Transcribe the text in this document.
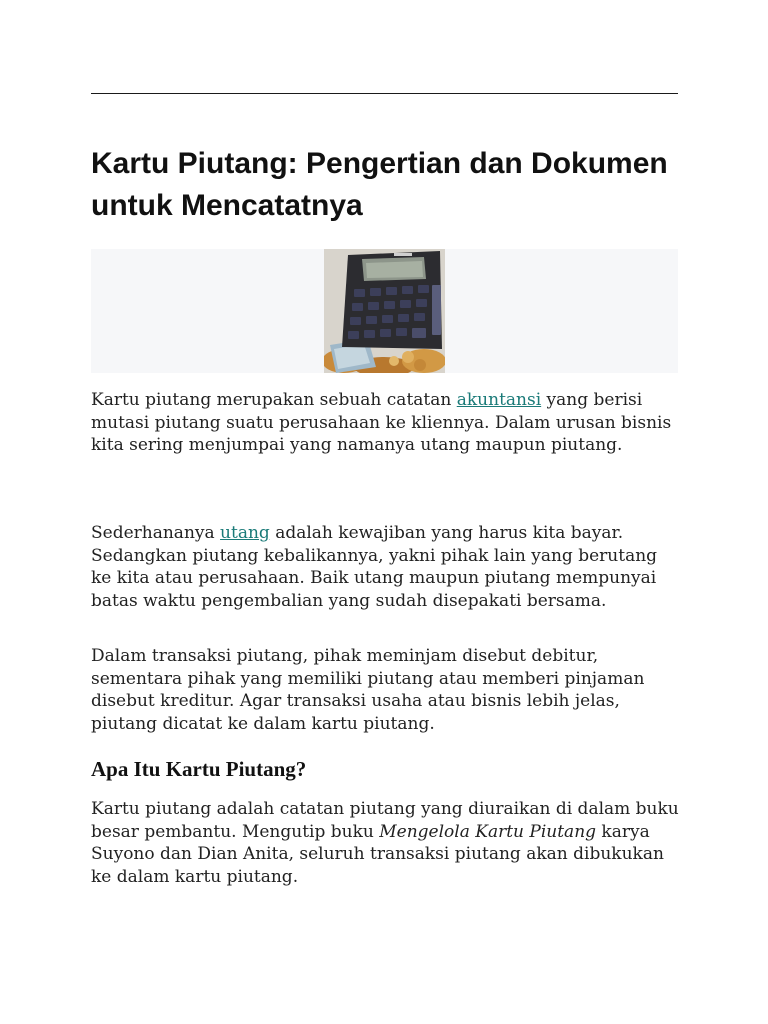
Kartu Piutang: Pengertian dan Dokumen untuk Mencatatnya

Kartu piutang merupakan sebuah catatan akuntansi yang berisi mutasi piutang suatu perusahaan ke kliennya. Dalam urusan bisnis kita sering menjumpai yang namanya utang maupun piutang.

Sederhananya utang adalah kewajiban yang harus kita bayar. Sedangkan piutang kebalikannya, yakni pihak lain yang berutang ke kita atau perusahaan. Baik utang maupun piutang mempunyai batas waktu pengembalian yang sudah disepakati bersama.

Dalam transaksi piutang, pihak meminjam disebut debitur, sementara pihak yang memiliki piutang atau memberi pinjaman disebut kreditur. Agar transaksi usaha atau bisnis lebih jelas, piutang dicatat ke dalam kartu piutang.

Apa Itu Kartu Piutang?

Kartu piutang adalah catatan piutang yang diuraikan di dalam buku besar pembantu. Mengutip buku Mengelola Kartu Piutang karya Suyono dan Dian Anita, seluruh transaksi piutang akan dibukukan ke dalam kartu piutang.
